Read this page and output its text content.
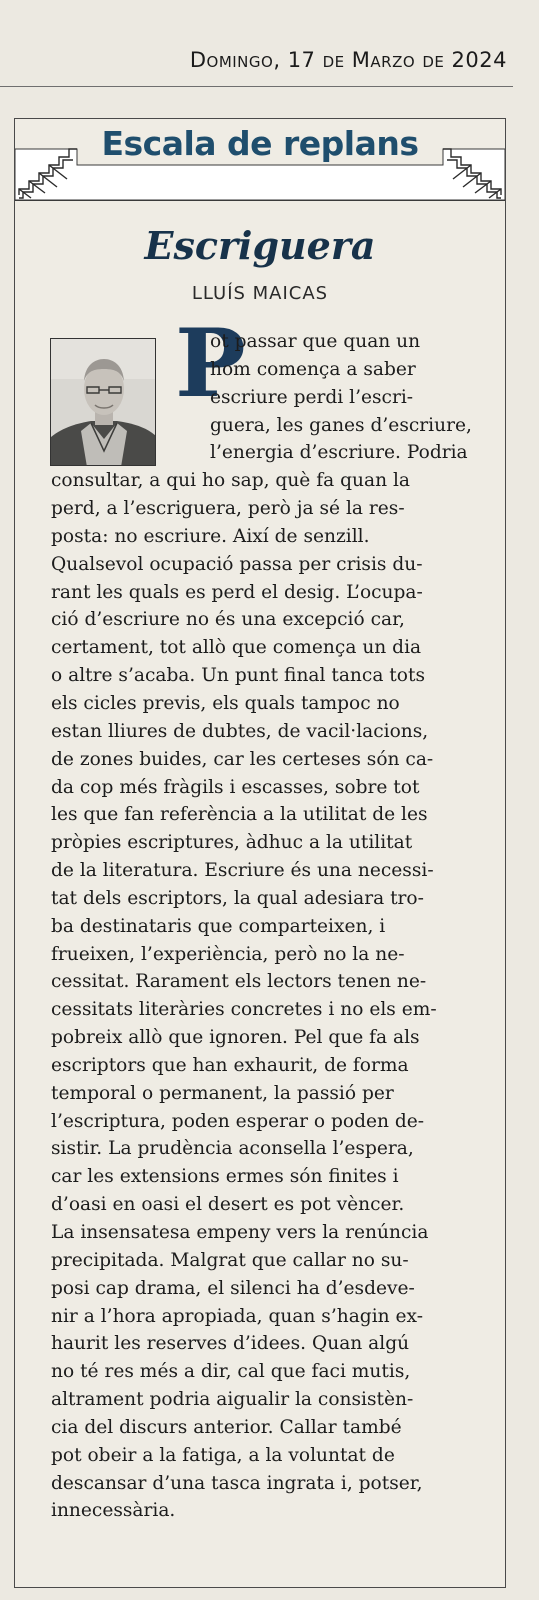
Domingo, 17 de Marzo de 2024
Escala de replans
Escriguera
LLUÍS MAICAS
P
ot passar que quan un
hom comença a saber
escriure perdi l’escri-
guera, les ganes d’escriure,
l’energia d’escriure. Podria
consultar, a qui ho sap, què fa quan la
perd, a l’escriguera, però ja sé la res-
posta: no escriure. Així de senzill.
Qualsevol ocupació passa per crisis du-
rant les quals es perd el desig. L’ocupa-
ció d’escriure no és una excepció car,
certament, tot allò que comença un dia
o altre s’acaba. Un punt final tanca tots
els cicles previs, els quals tampoc no
estan lliures de dubtes, de vacil·lacions,
de zones buides, car les certeses són ca-
da cop més fràgils i escasses, sobre tot
les que fan referència a la utilitat de les
pròpies escriptures, àdhuc a la utilitat
de la literatura. Escriure és una necessi-
tat dels escriptors, la qual adesiara tro-
ba destinataris que comparteixen, i
frueixen, l’experiència, però no la ne-
cessitat. Rarament els lectors tenen ne-
cessitats literàries concretes i no els em-
pobreix allò que ignoren. Pel que fa als
escriptors que han exhaurit, de forma
temporal o permanent, la passió per
l’escriptura, poden esperar o poden de-
sistir. La prudència aconsella l’espera,
car les extensions ermes són finites i
d’oasi en oasi el desert es pot vèncer.
La insensatesa empeny vers la renúncia
precipitada. Malgrat que callar no su-
posi cap drama, el silenci ha d’esdeve-
nir a l’hora apropiada, quan s’hagin ex-
haurit les reserves d’idees. Quan algú
no té res més a dir, cal que faci mutis,
altrament podria aigualir la consistèn-
cia del discurs anterior. Callar també
pot obeir a la fatiga, a la voluntat de
descansar d’una tasca ingrata i, potser,
innecessària.
